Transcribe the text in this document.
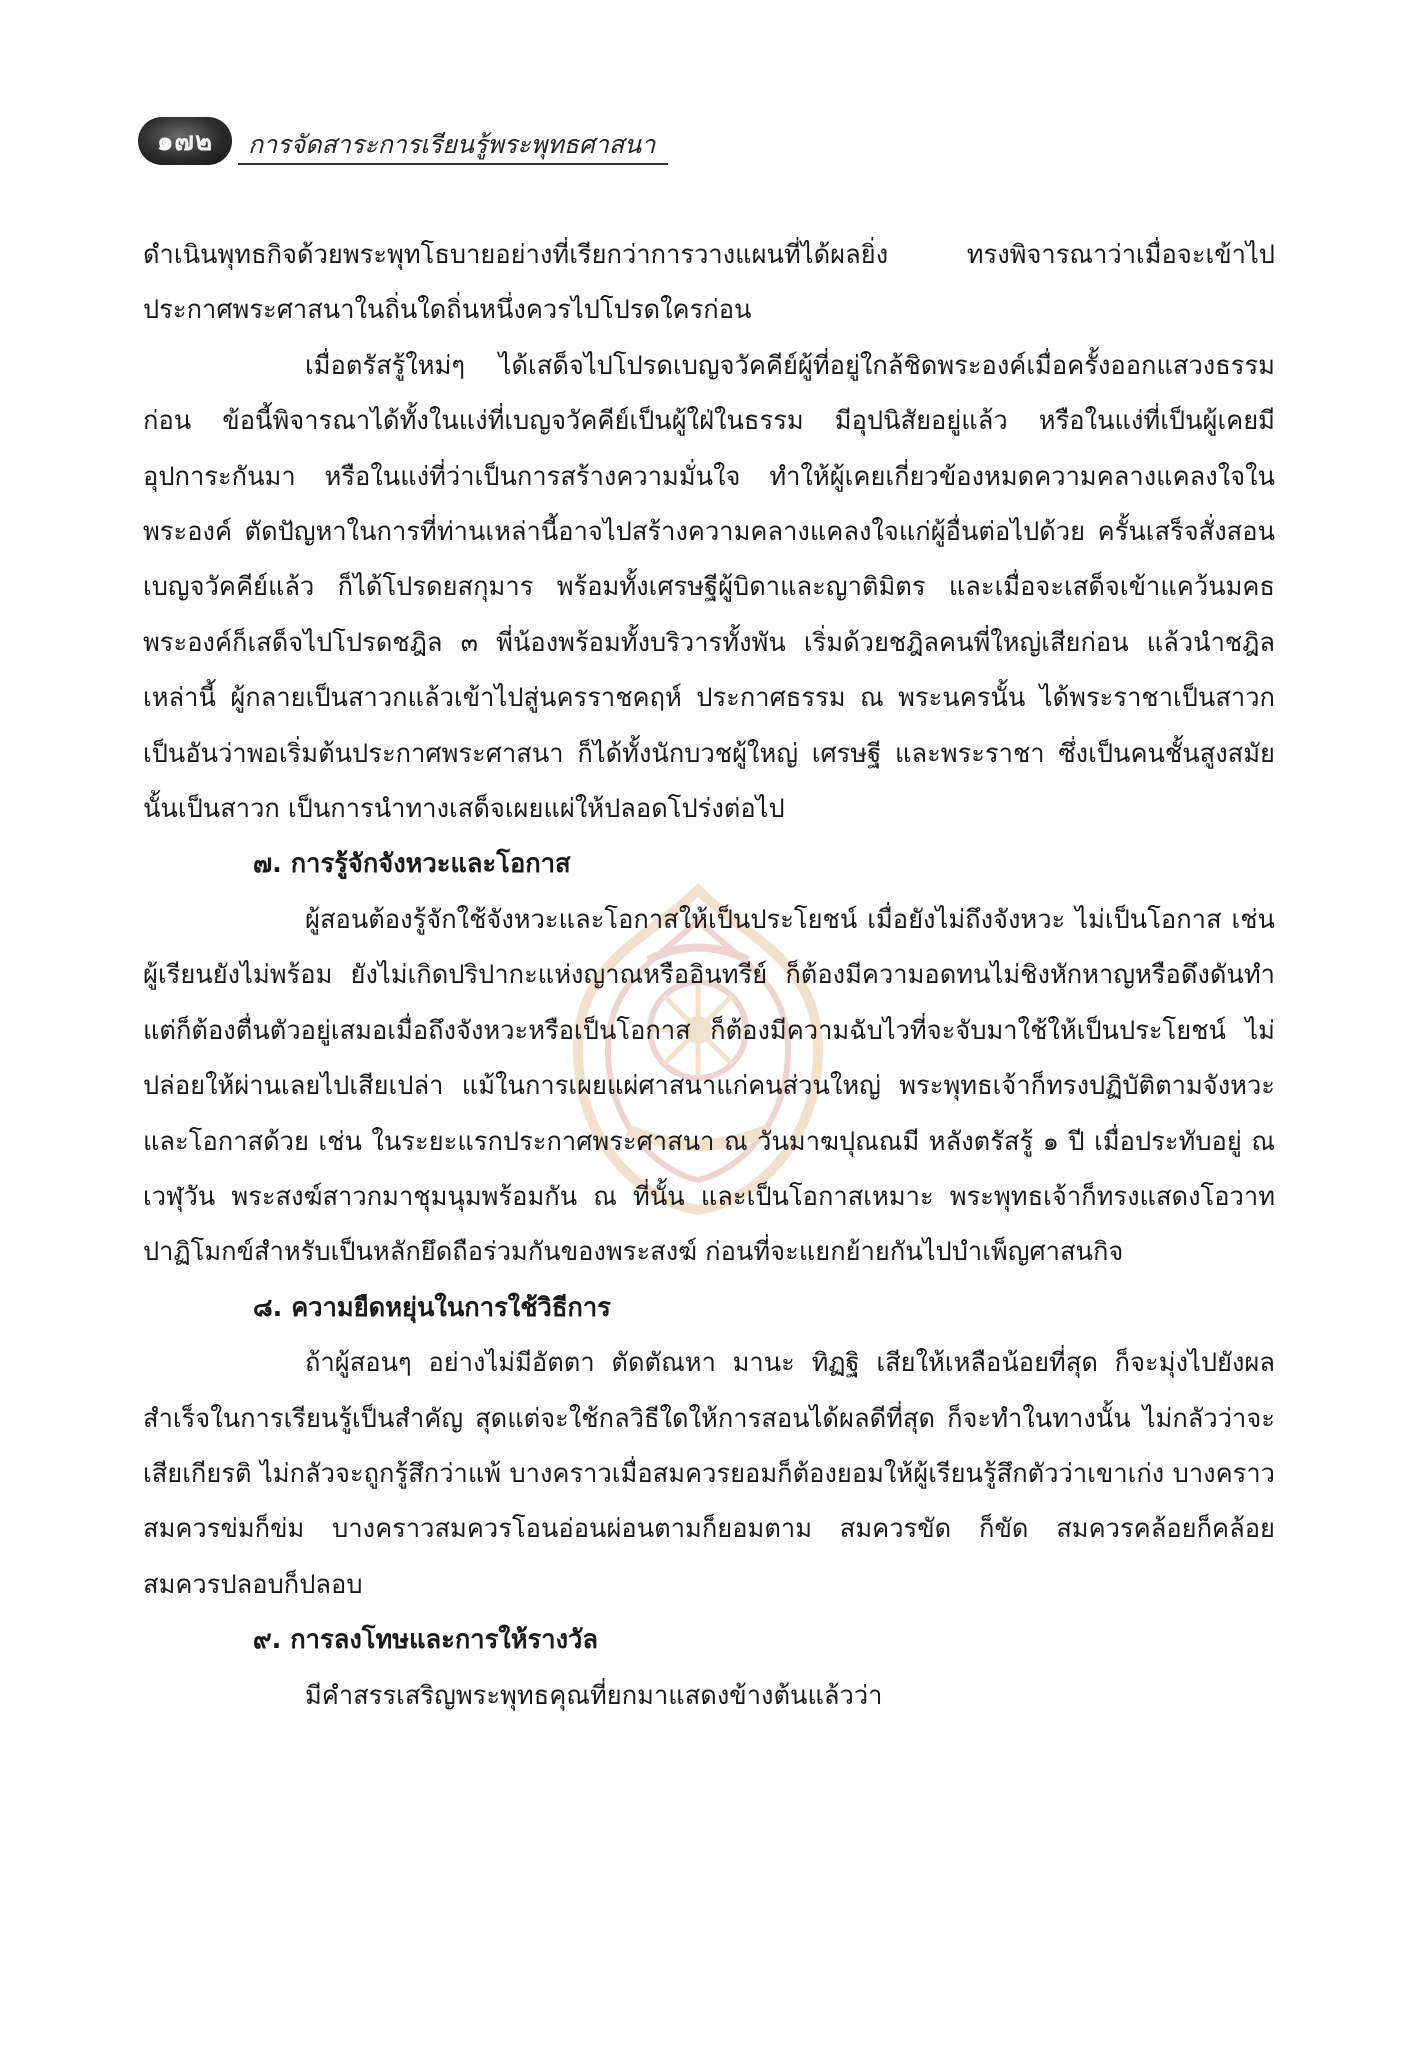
๑๗๒	การจัดสาระการเรียนรู้พระพุทธศาสนา

ดำเนินพุทธกิจด้วยพระพุทโธบายอย่างที่เรียกว่าการวางแผนที่ได้ผลยิ่ง ทรงพิจารณาว่าเมื่อจะเข้าไปประกาศพระศาสนาในถิ่นใดถิ่นหนึ่งควรไปโปรดใครก่อน

เมื่อตรัสรู้ใหม่ๆ ได้เสด็จไปโปรดเบญจวัคคีย์ผู้ที่อยู่ใกล้ชิดพระองค์เมื่อครั้งออกแสวงธรรมก่อน ข้อนี้พิจารณาได้ทั้งในแง่ที่เบญจวัคคีย์เป็นผู้ใฝ่ในธรรม มีอุปนิสัยอยู่แล้ว หรือในแง่ที่เป็นผู้เคยมีอุปการะกันมา หรือในแง่ที่ว่าเป็นการสร้างความมั่นใจ ทำให้ผู้เคยเกี่ยวข้องหมดความคลางแคลงใจในพระองค์ ตัดปัญหาในการที่ท่านเหล่านี้อาจไปสร้างความคลางแคลงใจแก่ผู้อื่นต่อไปด้วย ครั้นเสร็จสั่งสอนเบญจวัคคีย์แล้ว ก็ได้โปรดยสกุมาร พร้อมทั้งเศรษฐีผู้บิดาและญาติมิตร และเมื่อจะเสด็จเข้าแคว้นมคธ พระองค์ก็เสด็จไปโปรดชฎิล ๓ พี่น้องพร้อมทั้งบริวารทั้งพัน เริ่มด้วยชฎิลคนพี่ใหญ่เสียก่อน แล้วนำชฎิลเหล่านี้ ผู้กลายเป็นสาวกแล้วเข้าไปสู่นครราชคฤห์ ประกาศธรรม ณ พระนครนั้น ได้พระราชาเป็นสาวก เป็นอันว่าพอเริ่มต้นประกาศพระศาสนา ก็ได้ทั้งนักบวชผู้ใหญ่ เศรษฐี และพระราชา ซึ่งเป็นคนชั้นสูงสมัยนั้นเป็นสาวก เป็นการนำทางเสด็จเผยแผ่ให้ปลอดโปร่งต่อไป

๗. การรู้จักจังหวะและโอกาส

ผู้สอนต้องรู้จักใช้จังหวะและโอกาสให้เป็นประโยชน์ เมื่อยังไม่ถึงจังหวะ ไม่เป็นโอกาส เช่น ผู้เรียนยังไม่พร้อม ยังไม่เกิดปริปากะแห่งญาณหรืออินทรีย์ ก็ต้องมีความอดทนไม่ชิงหักหาญหรือดึงดันทำ แต่ก็ต้องตื่นตัวอยู่เสมอเมื่อถึงจังหวะหรือเป็นโอกาส ก็ต้องมีความฉับไวที่จะจับมาใช้ให้เป็นประโยชน์ ไม่ปล่อยให้ผ่านเลยไปเสียเปล่า แม้ในการเผยแผ่ศาสนาแก่คนส่วนใหญ่ พระพุทธเจ้าก็ทรงปฏิบัติตามจังหวะและโอกาสด้วย เช่น ในระยะแรกประกาศพระศาสนา ณ วันมาฆปุณณมี หลังตรัสรู้ ๑ ปี เมื่อประทับอยู่ ณ เวฬุวัน พระสงฆ์สาวกมาชุมนุมพร้อมกัน ณ ที่นั้น และเป็นโอกาสเหมาะ พระพุทธเจ้าก็ทรงแสดงโอวาทปาฏิโมกข์สำหรับเป็นหลักยึดถือร่วมกันของพระสงฆ์ ก่อนที่จะแยกย้ายกันไปบำเพ็ญศาสนกิจ

๘. ความยืดหยุ่นในการใช้วิธีการ

ถ้าผู้สอนๆ อย่างไม่มีอัตตา ตัดตัณหา มานะ ทิฏฐิ เสียให้เหลือน้อยที่สุด ก็จะมุ่งไปยังผลสำเร็จในการเรียนรู้เป็นสำคัญ สุดแต่จะใช้กลวิธีใดให้การสอนได้ผลดีที่สุด ก็จะทำในทางนั้น ไม่กลัวว่าจะเสียเกียรติ ไม่กลัวจะถูกรู้สึกว่าแพ้ บางคราวเมื่อสมควรยอมก็ต้องยอมให้ผู้เรียนรู้สึกตัวว่าเขาเก่ง บางคราวสมควรข่มก็ข่ม บางคราวสมควรโอนอ่อนผ่อนตามก็ยอมตาม สมควรขัด ก็ขัด สมควรคล้อยก็คล้อย สมควรปลอบก็ปลอบ

๙. การลงโทษและการให้รางวัล

มีคำสรรเสริญพระพุทธคุณที่ยกมาแสดงข้างต้นแล้วว่า
